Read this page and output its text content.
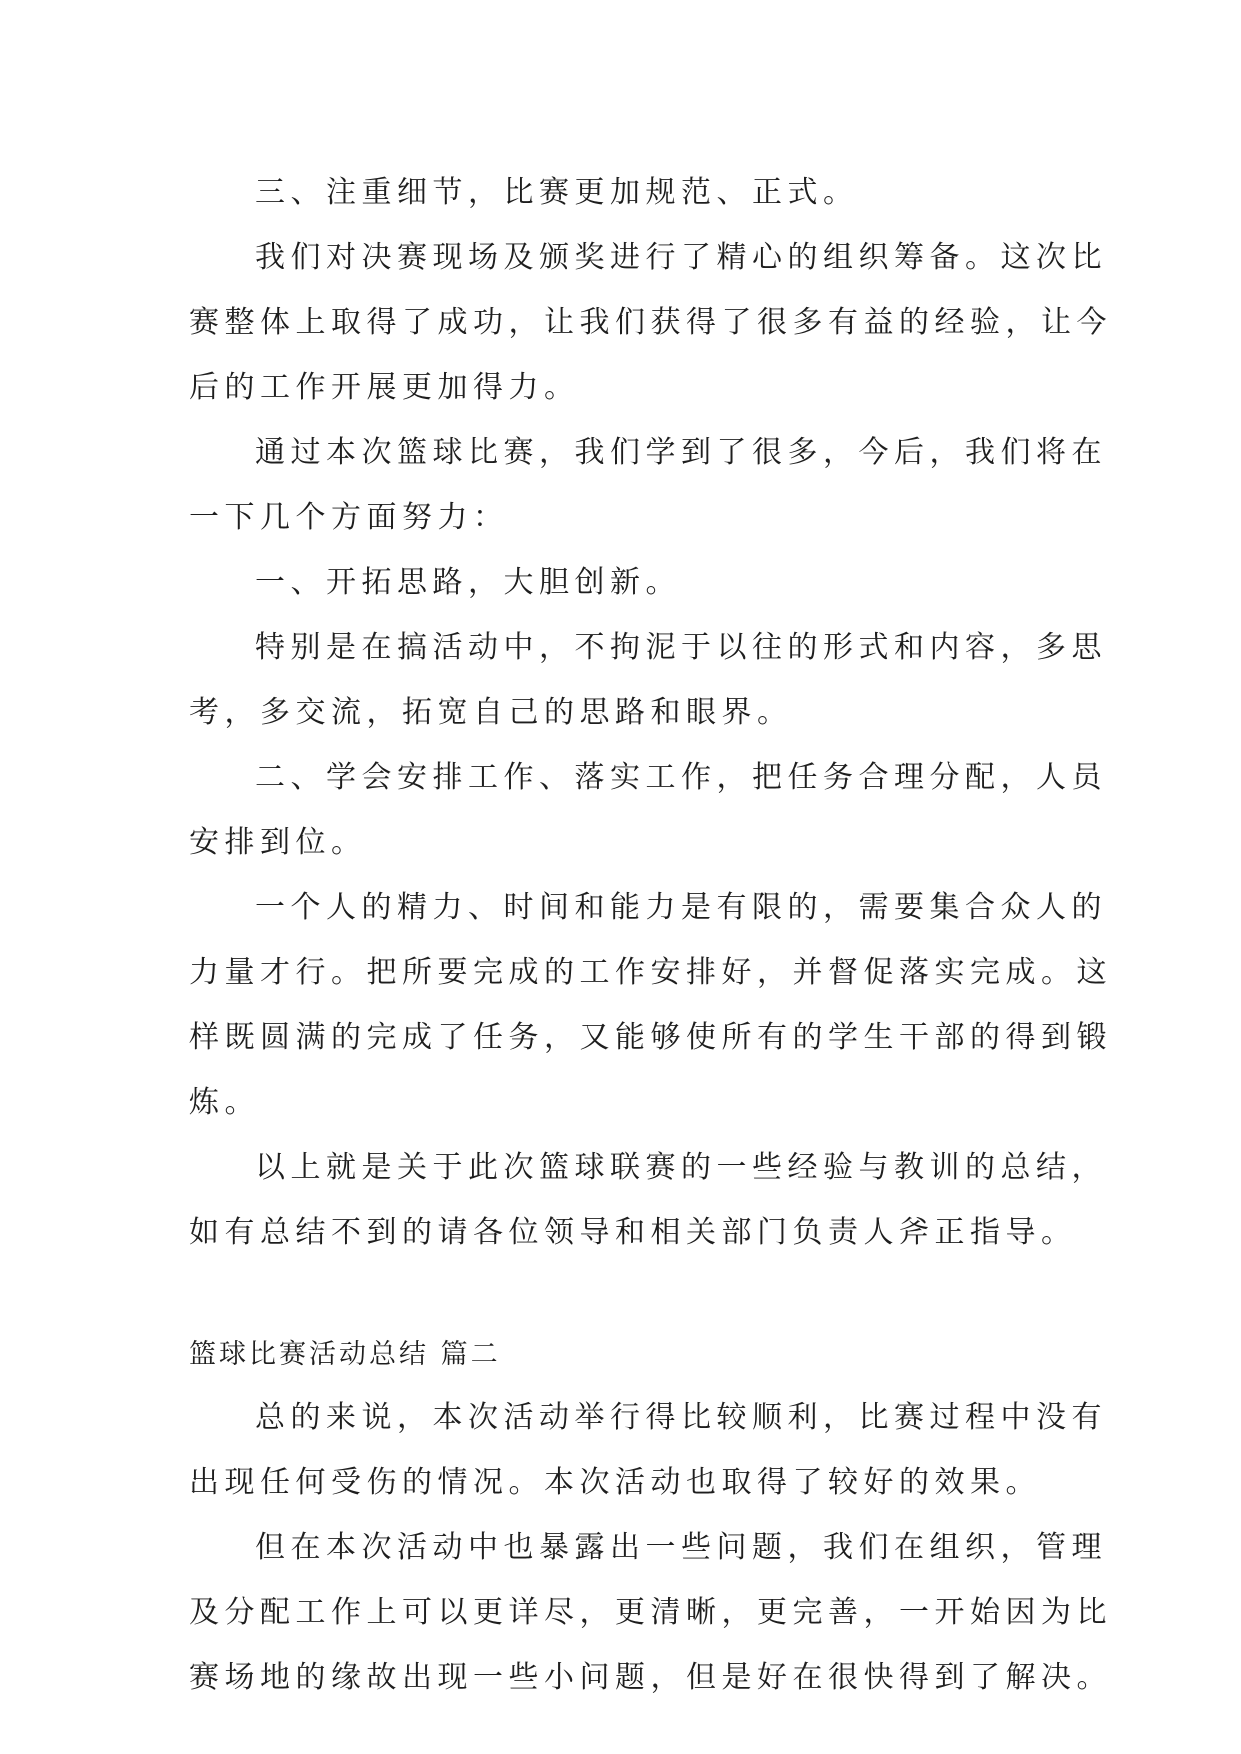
三、注重细节，比赛更加规范、正式。
我们对决赛现场及颁奖进行了精心的组织筹备。这次比
赛整体上取得了成功，让我们获得了很多有益的经验，让今
后的工作开展更加得力。
通过本次篮球比赛，我们学到了很多，今后，我们将在
一下几个方面努力：
一、开拓思路，大胆创新。
特别是在搞活动中，不拘泥于以往的形式和内容，多思
考，多交流，拓宽自己的思路和眼界。
二、学会安排工作、落实工作，把任务合理分配，人员
安排到位。
一个人的精力、时间和能力是有限的，需要集合众人的
力量才行。把所要完成的工作安排好，并督促落实完成。这
样既圆满的完成了任务，又能够使所有的学生干部的得到锻
炼。
以上就是关于此次篮球联赛的一些经验与教训的总结，
如有总结不到的请各位领导和相关部门负责人斧正指导。
篮球比赛活动总结 篇二
总的来说，本次活动举行得比较顺利，比赛过程中没有
出现任何受伤的情况。本次活动也取得了较好的效果。
但在本次活动中也暴露出一些问题，我们在组织，管理
及分配工作上可以更详尽，更清晰，更完善，一开始因为比
赛场地的缘故出现一些小问题，但是好在很快得到了解决。
